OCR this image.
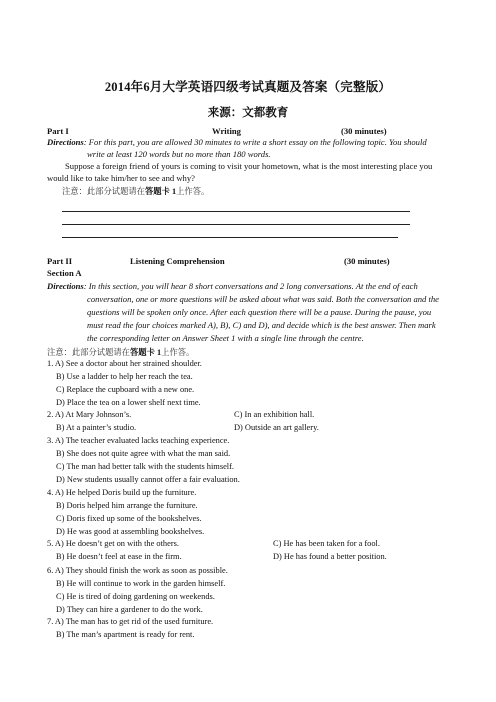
2014年6月大学英语四级考试真题及答案（完整版）
来源：文都教育
Part I	Writing	(30 minutes)
Directions: For this part, you are allowed 30 minutes to write a short essay on the following topic. You should
write at least 120 words but no more than 180 words.
Suppose a foreign friend of yours is coming to visit your hometown, what is the most interesting place you
would like to take him/her to see and why?
注意：此部分试题请在答题卡 1上作答。
Part II	Listening Comprehension	(30 minutes)
Section A
Directions: In this section, you will hear 8 short conversations and 2 long conversations. At the end of each
conversation, one or more questions will be asked about what was said. Both the conversation and the
questions will be spoken only once. After each question there will be a pause. During the pause, you
must read the four choices marked A), B), C) and D), and decide which is the best answer. Then mark
the corresponding letter on Answer Sheet 1 with a single line through the centre.
注意：此部分试题请在答题卡 1上作答。
1. A) See a doctor about her strained shoulder.
B) Use a ladder to help her reach the tea.
C) Replace the cupboard with a new one.
D) Place the tea on a lower shelf next time.
2. A) At Mary Johnson’s.	C) In an exhibition hall.
B) At a painter’s studio.	D) Outside an art gallery.
3. A) The teacher evaluated lacks teaching experience.
B) She does not quite agree with what the man said.
C) The man had better talk with the students himself.
D) New students usually cannot offer a fair evaluation.
4. A) He helped Doris build up the furniture.
B) Doris helped him arrange the furniture.
C) Doris fixed up some of the bookshelves.
D) He was good at assembling bookshelves.
5. A) He doesn’t get on with the others.	C) He has been taken for a fool.
B) He doesn’t feel at ease in the firm.	D) He has found a better position.
6. A) They should finish the work as soon as possible.
B) He will continue to work in the garden himself.
C) He is tired of doing gardening on weekends.
D) They can hire a gardener to do the work.
7. A) The man has to get rid of the used furniture.
B) The man’s apartment is ready for rent.
